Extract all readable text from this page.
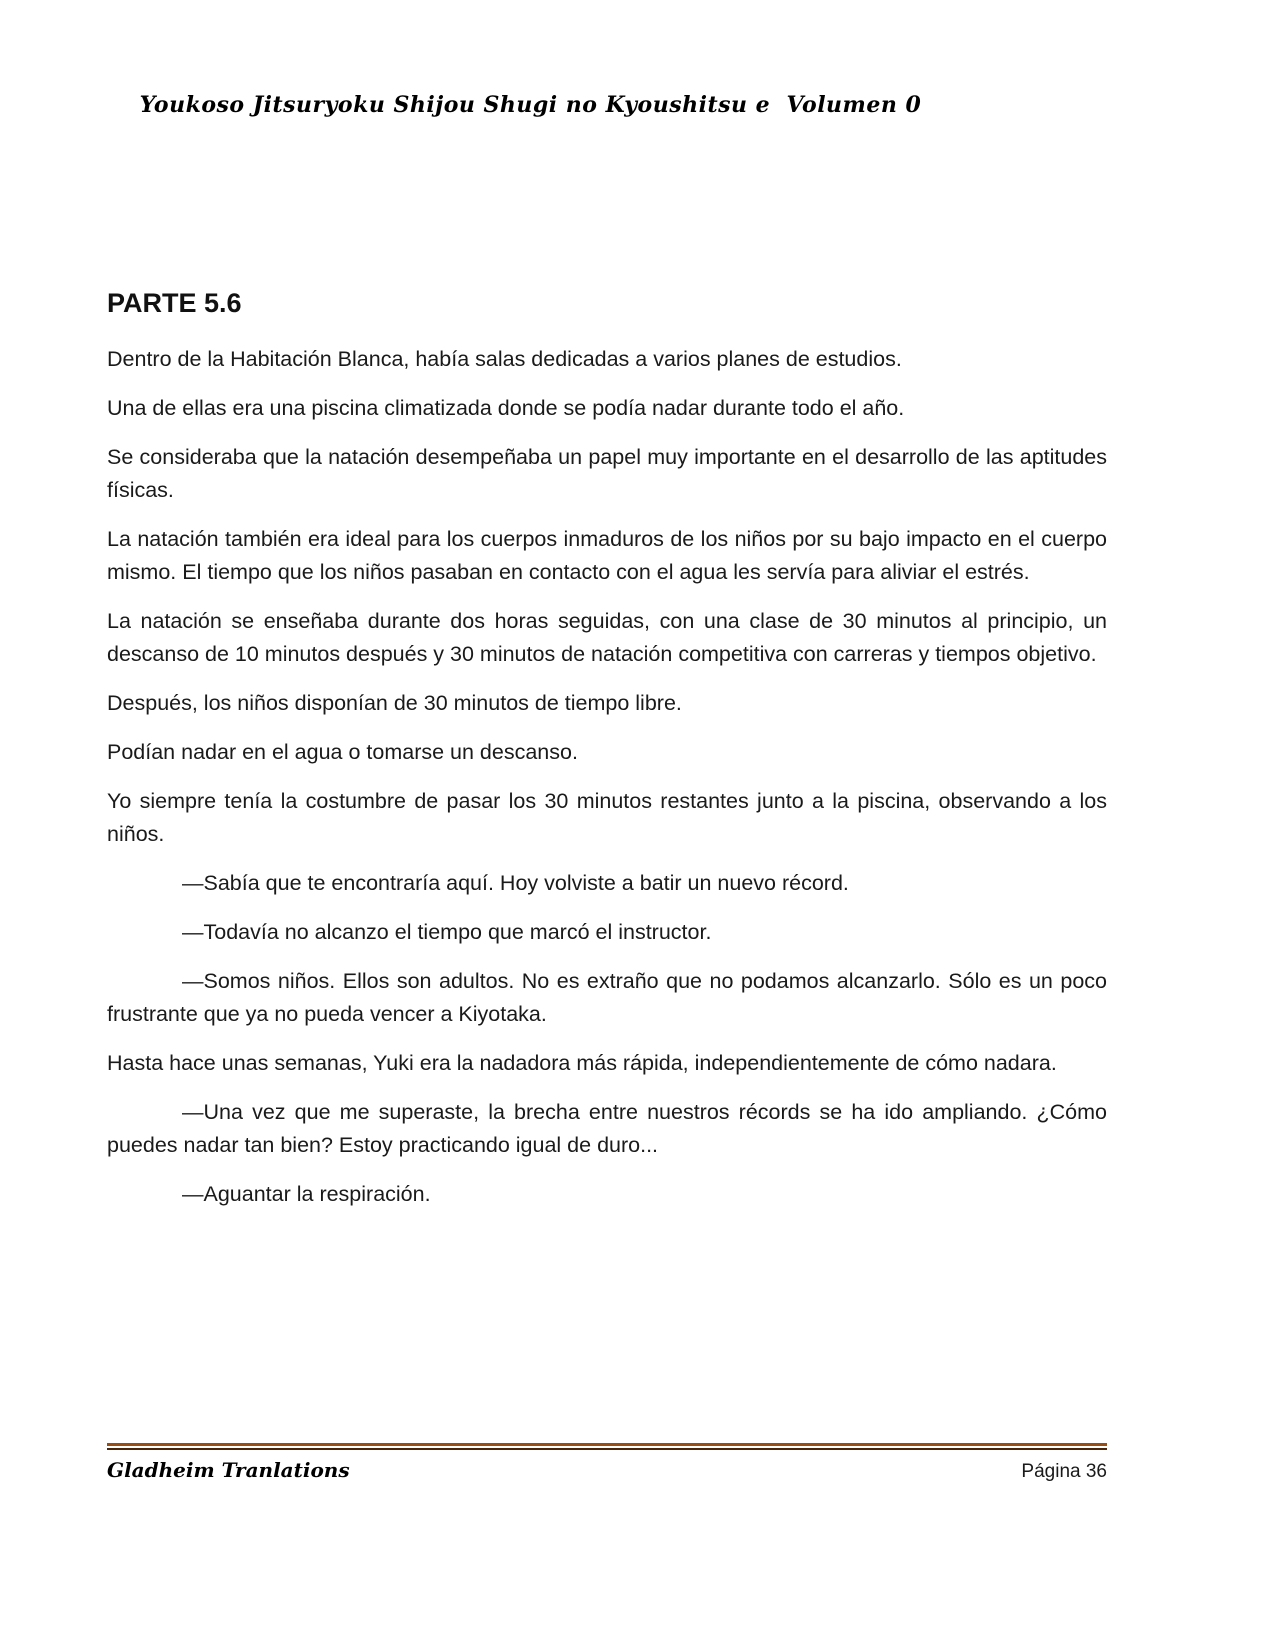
Youkoso Jitsuryoku Shijou Shugi no Kyoushitsu e  Volumen 0

PARTE 5.6

Dentro de la Habitación Blanca, había salas dedicadas a varios planes de estudios.

Una de ellas era una piscina climatizada donde se podía nadar durante todo el año.

Se consideraba que la natación desempeñaba un papel muy importante en el desarrollo de las aptitudes físicas.

La natación también era ideal para los cuerpos inmaduros de los niños por su bajo impacto en el cuerpo mismo. El tiempo que los niños pasaban en contacto con el agua les servía para aliviar el estrés.

La natación se enseñaba durante dos horas seguidas, con una clase de 30 minutos al principio, un descanso de 10 minutos después y 30 minutos de natación competitiva con carreras y tiempos objetivo.

Después, los niños disponían de 30 minutos de tiempo libre.

Podían nadar en el agua o tomarse un descanso.

Yo siempre tenía la costumbre de pasar los 30 minutos restantes junto a la piscina, observando a los niños.

—Sabía que te encontraría aquí. Hoy volviste a batir un nuevo récord.

—Todavía no alcanzo el tiempo que marcó el instructor.

—Somos niños. Ellos son adultos. No es extraño que no podamos alcanzarlo. Sólo es un poco frustrante que ya no pueda vencer a Kiyotaka.

Hasta hace unas semanas, Yuki era la nadadora más rápida, independientemente de cómo nadara.

—Una vez que me superaste, la brecha entre nuestros récords se ha ido ampliando. ¿Cómo puedes nadar tan bien? Estoy practicando igual de duro...

—Aguantar la respiración.

Gladheim Tranlations	Página 36
